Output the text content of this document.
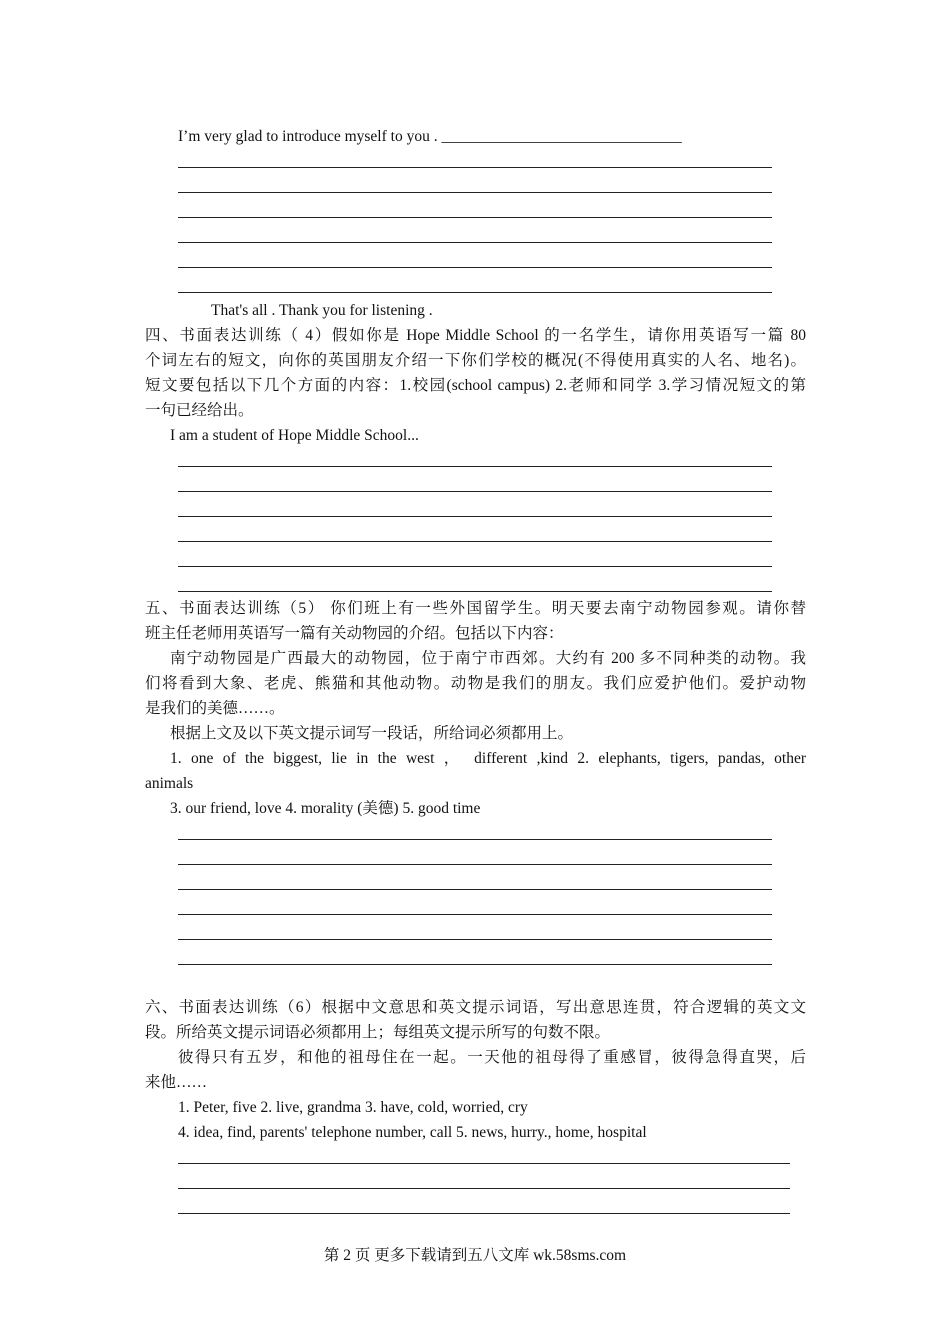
I’m very glad to introduce myself to you . _______________________________
That's all . Thank you for listening .
四、书面表达训练（ 4）假如你是 Hope Middle School 的一名学生，请你用英语写一篇 80
个词左右的短文，向你的英国朋友介绍一下你们学校的概况(不得使用真实的人名、地名)。
短文要包括以下几个方面的内容：1.校园(school campus) 2.老师和同学 3.学习情况短文的第
一句已经给出。
I am a student of Hope Middle School...
五、书面表达训练（5） 你们班上有一些外国留学生。明天要去南宁动物园参观。请你替
班主任老师用英语写一篇有关动物园的介绍。包括以下内容：
南宁动物园是广西最大的动物园，位于南宁市西郊。大约有 200 多不同种类的动物。我
们将看到大象、老虎、熊猫和其他动物。动物是我们的朋友。我们应爱护他们。爱护动物
是我们的美德……。
根据上文及以下英文提示词写一段话，所给词必须都用上。
1. one of the biggest, lie in the west ， different ,kind 2. elephants, tigers, pandas, other
animals
3. our friend, love 4. morality (美德) 5. good time
六、书面表达训练（6）根据中文意思和英文提示词语，写出意思连贯，符合逻辑的英文文
段。所给英文提示词语必须都用上；每组英文提示所写的句数不限。
彼得只有五岁，和他的祖母住在一起。一天他的祖母得了重感冒，彼得急得直哭，后
来他……
1. Peter, five 2. live, grandma 3. have, cold, worried, cry
4. idea, find, parents' telephone number, call 5. news, hurry., home, hospital
第 2 页 更多下载请到五八文库 wk.58sms.com
